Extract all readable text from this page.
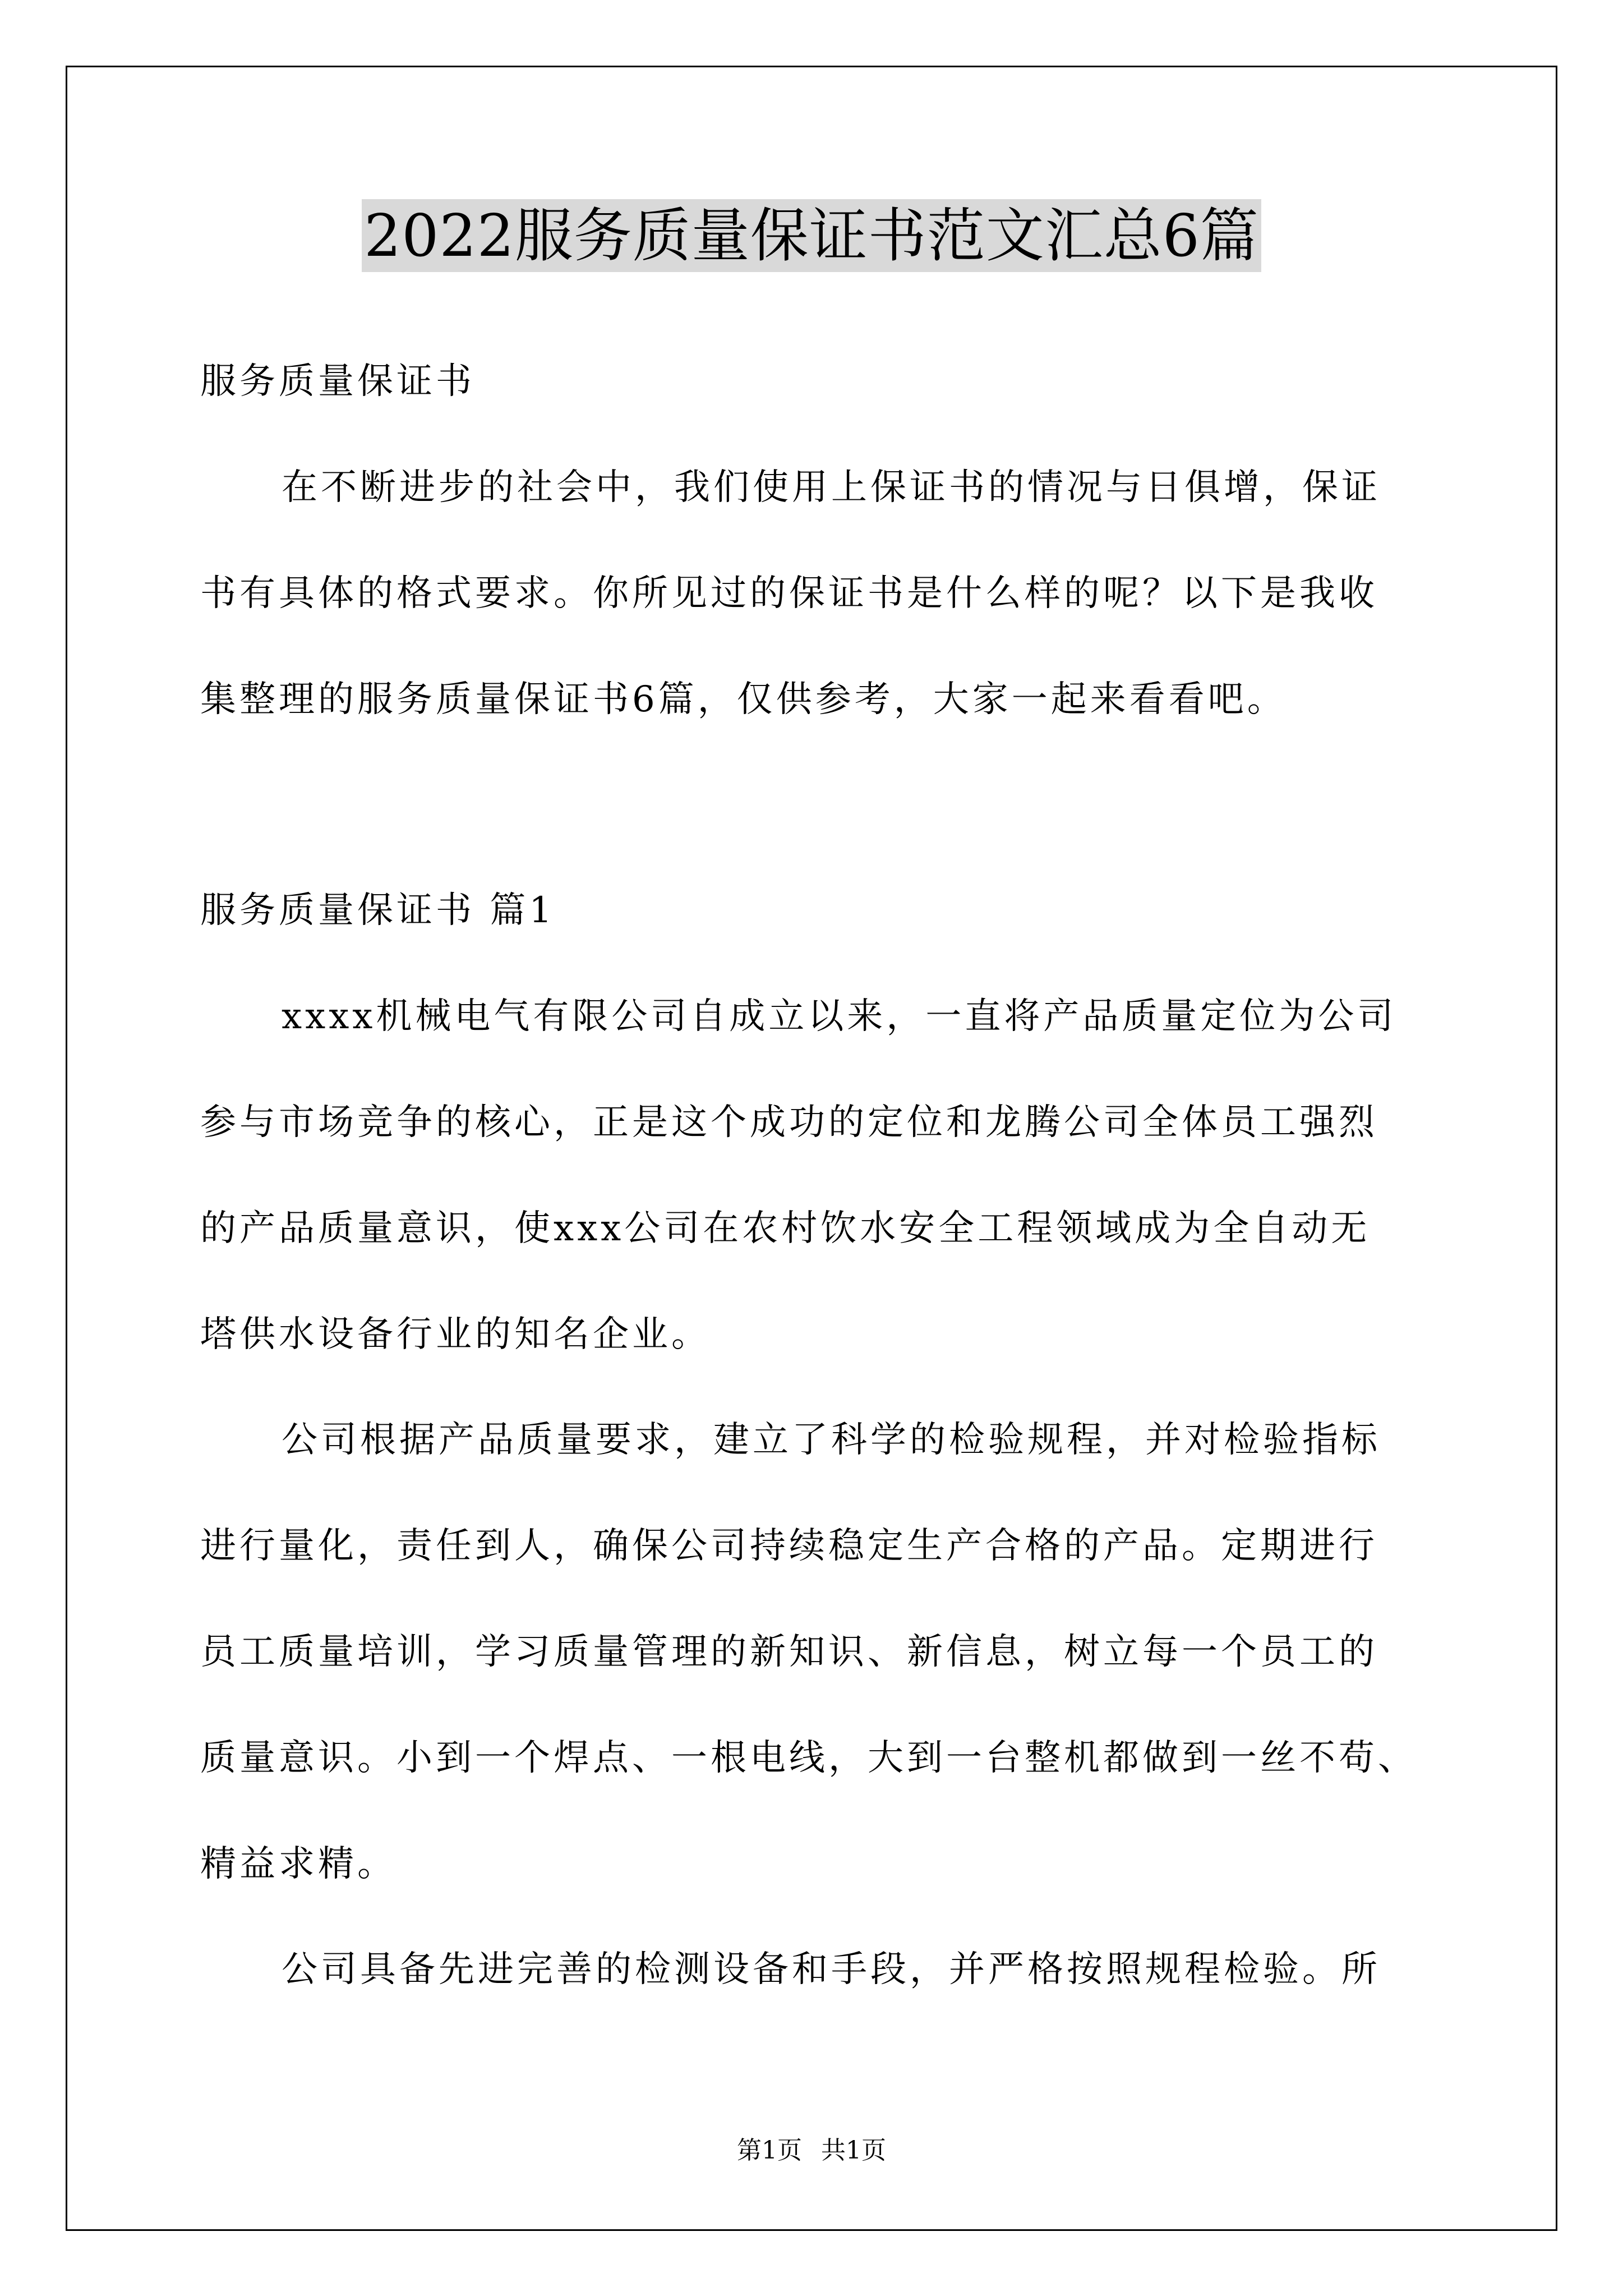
2022服务质量保证书范文汇总6篇
服务质量保证书
在不断进步的社会中，我们使用上保证书的情况与日俱增，保证
书有具体的格式要求。你所见过的保证书是什么样的呢？以下是我收
集整理的服务质量保证书6篇，仅供参考，大家一起来看看吧。
服务质量保证书 篇1
xxxx机械电气有限公司自成立以来，一直将产品质量定位为公司
参与市场竞争的核心，正是这个成功的定位和龙腾公司全体员工强烈
的产品质量意识，使xxx公司在农村饮水安全工程领域成为全自动无
塔供水设备行业的知名企业。
公司根据产品质量要求，建立了科学的检验规程，并对检验指标
进行量化，责任到人，确保公司持续稳定生产合格的产品。定期进行
员工质量培训，学习质量管理的新知识、新信息，树立每一个员工的
质量意识。小到一个焊点、一根电线，大到一台整机都做到一丝不苟、
精益求精。
公司具备先进完善的检测设备和手段，并严格按照规程检验。所
第1页 共1页
